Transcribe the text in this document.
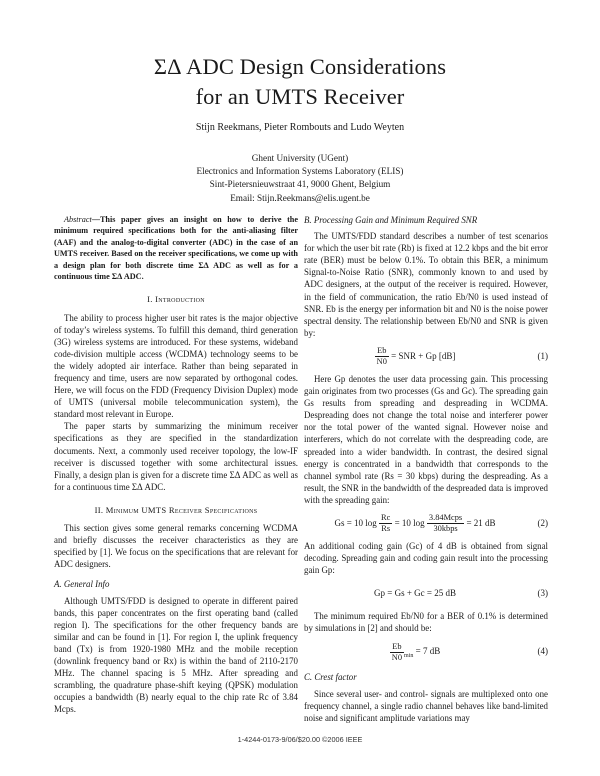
ΣΔ ADC Design Considerations
for an UMTS Receiver
Stijn Reekmans, Pieter Rombouts and Ludo Weyten
Ghent University (UGent)
Electronics and Information Systems Laboratory (ELIS)
Sint-Pietersnieuwstraat 41, 9000 Ghent, Belgium
Email: Stijn.Reekmans@elis.ugent.be

Abstract—This paper gives an insight on how to derive the minimum required specifications both for the anti-aliasing filter (AAF) and the analog-to-digital converter (ADC) in the case of an UMTS receiver. Based on the receiver specifications, we come up with a design plan for both discrete time ΣΔ ADC as well as for a continuous time ΣΔ ADC.

I. Introduction

The ability to process higher user bit rates is the major objective of today’s wireless systems. To fulfill this demand, third generation (3G) wireless systems are introduced. For these systems, wideband code-division multiple access (WCDMA) technology seems to be the widely adopted air interface. Rather than being separated in frequency and time, users are now separated by orthogonal codes. Here, we will focus on the FDD (Frequency Division Duplex) mode of UMTS (universal mobile telecommunication system), the standard most relevant in Europe.

The paper starts by summarizing the minimum receiver specifications as they are specified in the standardization documents. Next, a commonly used receiver topology, the low-IF receiver is discussed together with some architectural issues. Finally, a design plan is given for a discrete time ΣΔ ADC as well as for a continuous time ΣΔ ADC.

II. Minimum UMTS Receiver Specifications

This section gives some general remarks concerning WCDMA and briefly discusses the receiver characteristics as they are specified by [1]. We focus on the specifications that are relevant for ADC designers.

A. General Info

Although UMTS/FDD is designed to operate in different paired bands, this paper concentrates on the first operating band (called region I). The specifications for the other frequency bands are similar and can be found in [1]. For region I, the uplink frequency band (Tx) is from 1920-1980 MHz and the mobile reception (downlink frequency band or Rx) is within the band of 2110-2170 MHz. The channel spacing is 5 MHz. After spreading and scrambling, the quadrature phase-shift keying (QPSK) modulation occupies a bandwidth (B) nearly equal to the chip rate Rc of 3.84 Mcps.

B. Processing Gain and Minimum Required SNR

The UMTS/FDD standard describes a number of test scenarios for which the user bit rate (Rb) is fixed at 12.2 kbps and the bit error rate (BER) must be below 0.1%. To obtain this BER, a minimum Signal-to-Noise Ratio (SNR), commonly known to and used by ADC designers, at the output of the receiver is required. However, in the field of communication, the ratio Eb/N0 is used instead of SNR. Eb is the energy per information bit and N0 is the noise power spectral density. The relationship between Eb/N0 and SNR is given by:

$\frac{Eb}{N0}$ = SNR + Gp [dB]	(1)

Here Gp denotes the user data processing gain. This processing gain originates from two processes (Gs and Gc). The spreading gain Gs results from spreading and despreading in WCDMA. Despreading does not change the total noise and interferer power nor the total power of the wanted signal. However noise and interferers, which do not correlate with the despreading code, are spreaded into a wider bandwidth. In contrast, the desired signal energy is concentrated in a bandwidth that corresponds to the channel symbol rate (Rs = 30 kbps) during the despreading. As a result, the SNR in the bandwidth of the despreaded data is improved with the spreading gain:

Gs = 10 $\log \frac{Rc}{Rs} = 10$ $\log \frac{\text{3.84Mcps}}{\text{30kbps}} = 21$ dB	(2)

An additional coding gain (Gc) of 4 dB is obtained from signal decoding. Spreading gain and coding gain result into the processing gain Gp:

Gp = Gs + Gc = 25 dB	(3)

The minimum required Eb/N0 for a BER of 0.1% is determined by simulations in [2] and should be:

$\frac{Eb}{N0} _{min} = 7$ dB	(4)
C. Crest factor

Since several user- and control- signals are multiplexed onto one frequency channel, a single radio channel behaves like band-limited noise and significant amplitude variations may

1-4244-0173-9/06/$20.00 ©2006 IEEE
